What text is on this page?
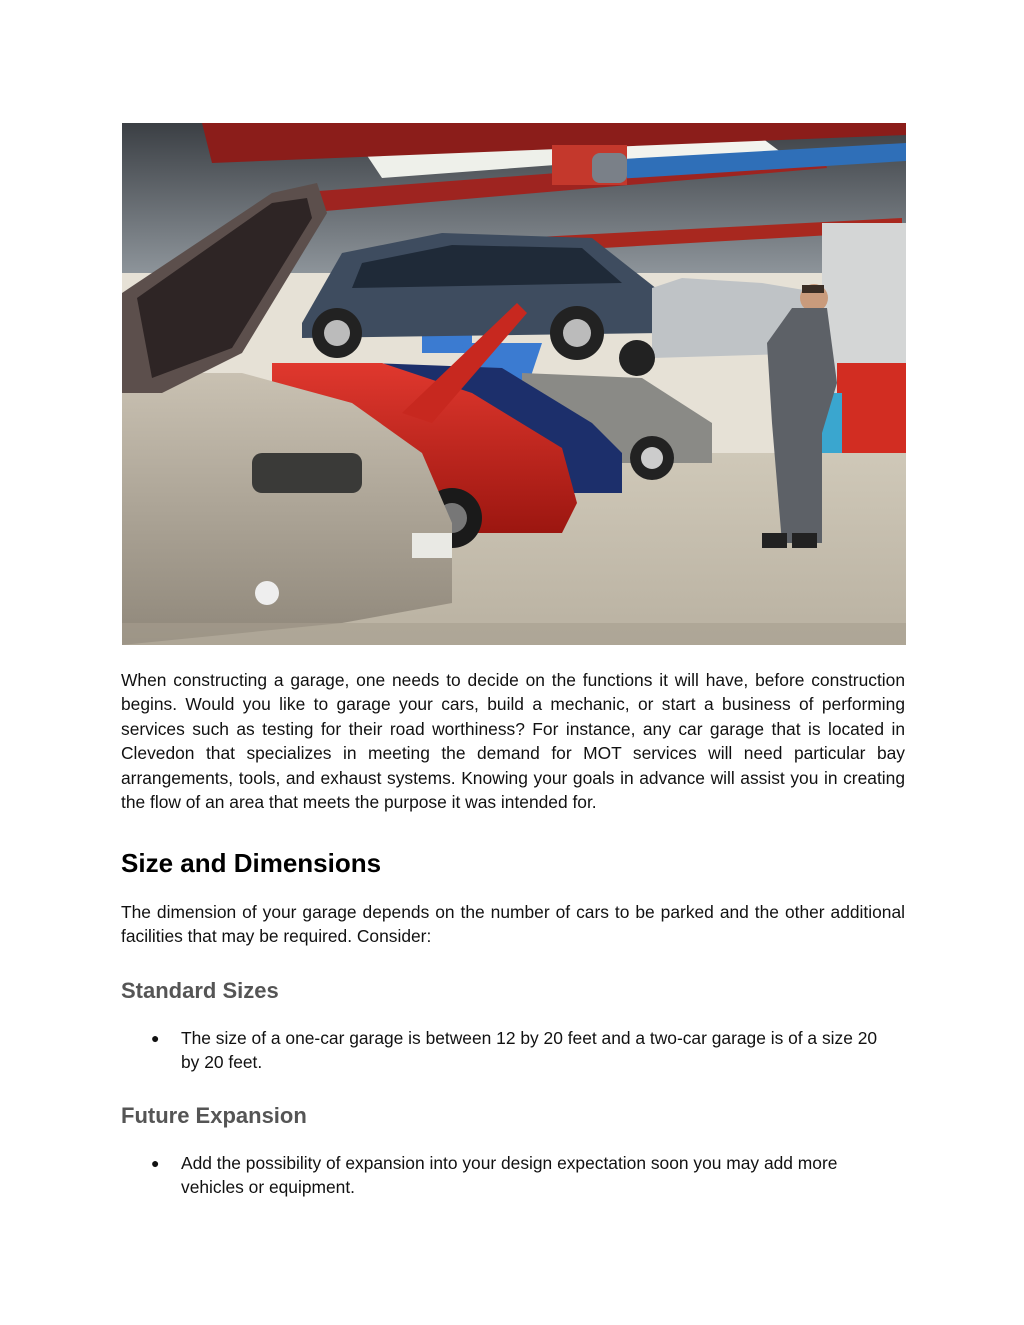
When constructing a garage, one needs to decide on the functions it will have, before construction begins. Would you like to garage your cars, build a mechanic, or start a business of performing services such as testing for their road worthiness? For instance, any car garage that is located in Clevedon that specializes in meeting the demand for MOT services will need particular bay arrangements, tools, and exhaust systems. Knowing your goals in advance will assist you in creating the flow of an area that meets the purpose it was intended for.

Size and Dimensions

The dimension of your garage depends on the number of cars to be parked and the other additional facilities that may be required. Consider:

Standard Sizes
● The size of a one-car garage is between 12 by 20 feet and a two-car garage is of a size 20 by 20 feet.
Future Expansion
● Add the possibility of expansion into your design expectation soon you may add more vehicles or equipment.
